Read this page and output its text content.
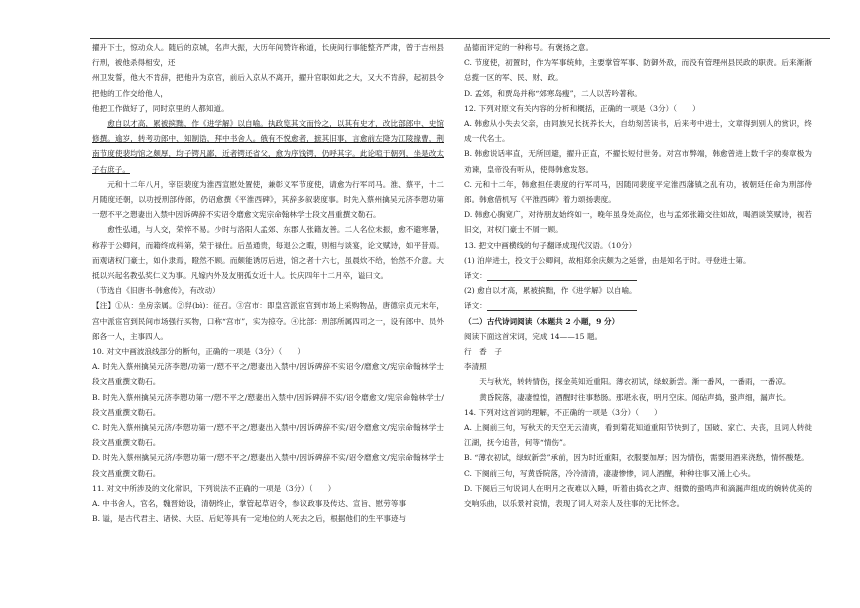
擢升下士，惊动众人。随后的京城，名声大振，大历年间赞许称道，长庚间行事能整齐严肃，曾于吉州县行刑，被他杀得相安，还

州卫发誓，他大不肯辞，把他升为京官，前后入京从不离开，擢升官职如此之大，又大不肯辞，起初县令把他的工作交给他人，

他把工作做好了，同时京里的人都知道。

愈自以才高，累被摈黜，作《进学解》以自喻。执政览其文而怜之，以其有史才，改比部郎中、史馆修撰。逾岁，转考功郎中、知制诰，拜中书舍人。俄有不悦愈者，摭其旧事，言愈前左降为江陵掾曹，荆南节度使裴均馆之颇厚，均子锷凡鄙，近者锷还省父，愈为序饯锷，仍呼其字。此论喧于朝列，坐是改太子右庶子。

元和十二年八月，宰臣裴度为淮西宣慰处置使，兼彰义军节度使，请愈为行军司马。淮、蔡平，十二月随度还朝，以功授刑部侍郎，仍诏愈撰《平淮西碑》，其辞多叙裴度事。时先入蔡州擒吴元济李愬功第一愬不平之愬妻出入禁中因诉碑辞不实诏令磨愈文宪宗命翰林学士段文昌重撰文勒石。

愈性弘通，与人交，荣悴不易。少时与洛阳人孟郊、东郡人张籍友善。二人名位未振，愈不避寒暑，称荐于公卿间，而籍终成科第，荣于禄仕。后虽通贵，每退公之暇，则相与谈宴，论文赋诗，如平昔焉。而观诸权门豪士，如仆隶焉，瞪然不顾。而颇能诱厉后进，馆之者十六七，虽晨炊不给，怡然不介意。大抵以兴起名教弘奖仁义为事。凡嫁内外及友朋孤女近十人。长庆四年十二月卒，谥曰文。

（节选自《旧唐书·韩愈传》，有改动）

【注】①从：坐房亲属。②舁(bì)：征召。③宫市：即皇宫派宦官到市场上采购物品，唐德宗贞元末年，宫中派宦官到民间市场强行买物，口称“宫市”，实为掠夺。④比部：刑部所属四司之一，设有郎中、员外郎各一人，主事四人。

10. 对文中画波浪线部分的断句，正确的一项是（3分）（　　）

A. 时先入蔡州擒吴元济李愬/功第一/愬不平之/愬妻出入禁中/因诉碑辞不实诏令/磨愈文/宪宗命翰林学士段文昌重撰文勒石。

B. 时先入蔡州擒吴元济李愬功第一/愬不平之/愬妻出入禁中/因诉碑辞不实/诏令磨愈文/宪宗命翰林学士/段文昌重撰文勒石。

C. 时先入蔡州擒吴元济/李愬功第一/愬不平之/愬妻出入禁中/因诉碑辞不实/诏令磨愈文/宪宗命翰林学士段文昌重撰文勒石。

D. 时先入蔡州擒吴元济/李愬功第一/愬不平之/愬妻出入禁中/因诉碑辞不实/诏令磨愈文/宪宗命翰林学士段文昌重撰文勒石。

11. 对文中所涉及的文化常识，下列说法不正确的一项是（3分）（　　）

A. 中书舍人，官名，魏晋始设，清朝终止，掌管起草诏令，参议政事及传达、宣旨、慰劳等事

B. 谥，是古代君主、诸侯、大臣、后妃等具有一定地位的人死去之后，根据他们的生平事迹与

品德而评定的一种称号。有褒扬之意。

C. 节度使，初置时，作为军事统帅，主要掌管军事、防御外敌，而没有管理州县民政的职责。后来渐渐总揽一区的军、民、财、政。

D. 孟郊，和贾岛并称“郊寒岛瘦”，二人以苦吟著称。

12. 下列对原文有关内容的分析和概括，正确的一项是（3分）（　　）

A. 韩愈从小失去父亲，由同族兄长抚养长大，自幼刻苦读书，后来考中进士，文章得到别人的赏识，终成一代名士。

B. 韩愈说话率直，无所回避，擢升正直，不擢长短付世务。对宫市弊端，韩愈曾进上数千字的奏章极为劝谏，皇帝没有听从，使得韩愈发怒。

C. 元和十二年，韩愈担任裴度的行军司马，因随同裴度平定淮西藩镇之乱有功，被朝廷任命为刑部侍郎。韩愈借机写《平淮西碑》着力颂扬裴度。

D. 韩愈心胸宽广，对待朋友始终如一，晚年虽身处高位，也与孟郊张籍交往如故，喝酒谈笑赋诗，视若旧交，对权门豪士不屑一顾。

13. 把文中画横线的句子翻译成现代汉语。（10分）

(1) 泊岸进士，投文于公卿间，故相郑余庆颇为之延誉，由是知名于时。寻登进士第。

译文：

(2) 愈自以才高，累被摈黜，作《进学解》以自喻。

译文：

（二）古代诗词阅读（本题共 2 小题，9 分）

阅读下面这首宋词，完成 14——15 题。

行　香　子

李清照

天与秋光，转转情伤，探金英知近重阳。薄衣初试，绿蚁新尝。渐一番风，一番雨，一番凉。

黄昏院落，凄凄惶惶，酒醒时往事愁肠。那堪永夜，明月空床。闻砧声捣，蛩声细，漏声长。

14. 下列对这首词的理解，不正确的一项是（3分）（　　）

A. 上阕前三句，写秋天的天空无云清爽，看到菊花知道重阳节快到了，国破、家亡、夫丧，且词人转徙江湖，抚今追昔，何等“情伤”。

B. “薄衣初试，绿蚁新尝”承前，因为时近重阳，衣服要加厚；因为情伤，需要用酒来浇愁，情怀酸楚。

C. 下阕前三句，写黄昏院落，冷冷清清，凄凄惨惨，词人酒醒，种种往事又涌上心头。

D. 下阕后三句说词人在明月之夜难以入睡，听着由捣衣之声、细微的蛩鸣声和滴漏声组成的婉转优美的交响乐曲，以乐景衬哀情，表现了词人对亲人及往事的无比怀念。
